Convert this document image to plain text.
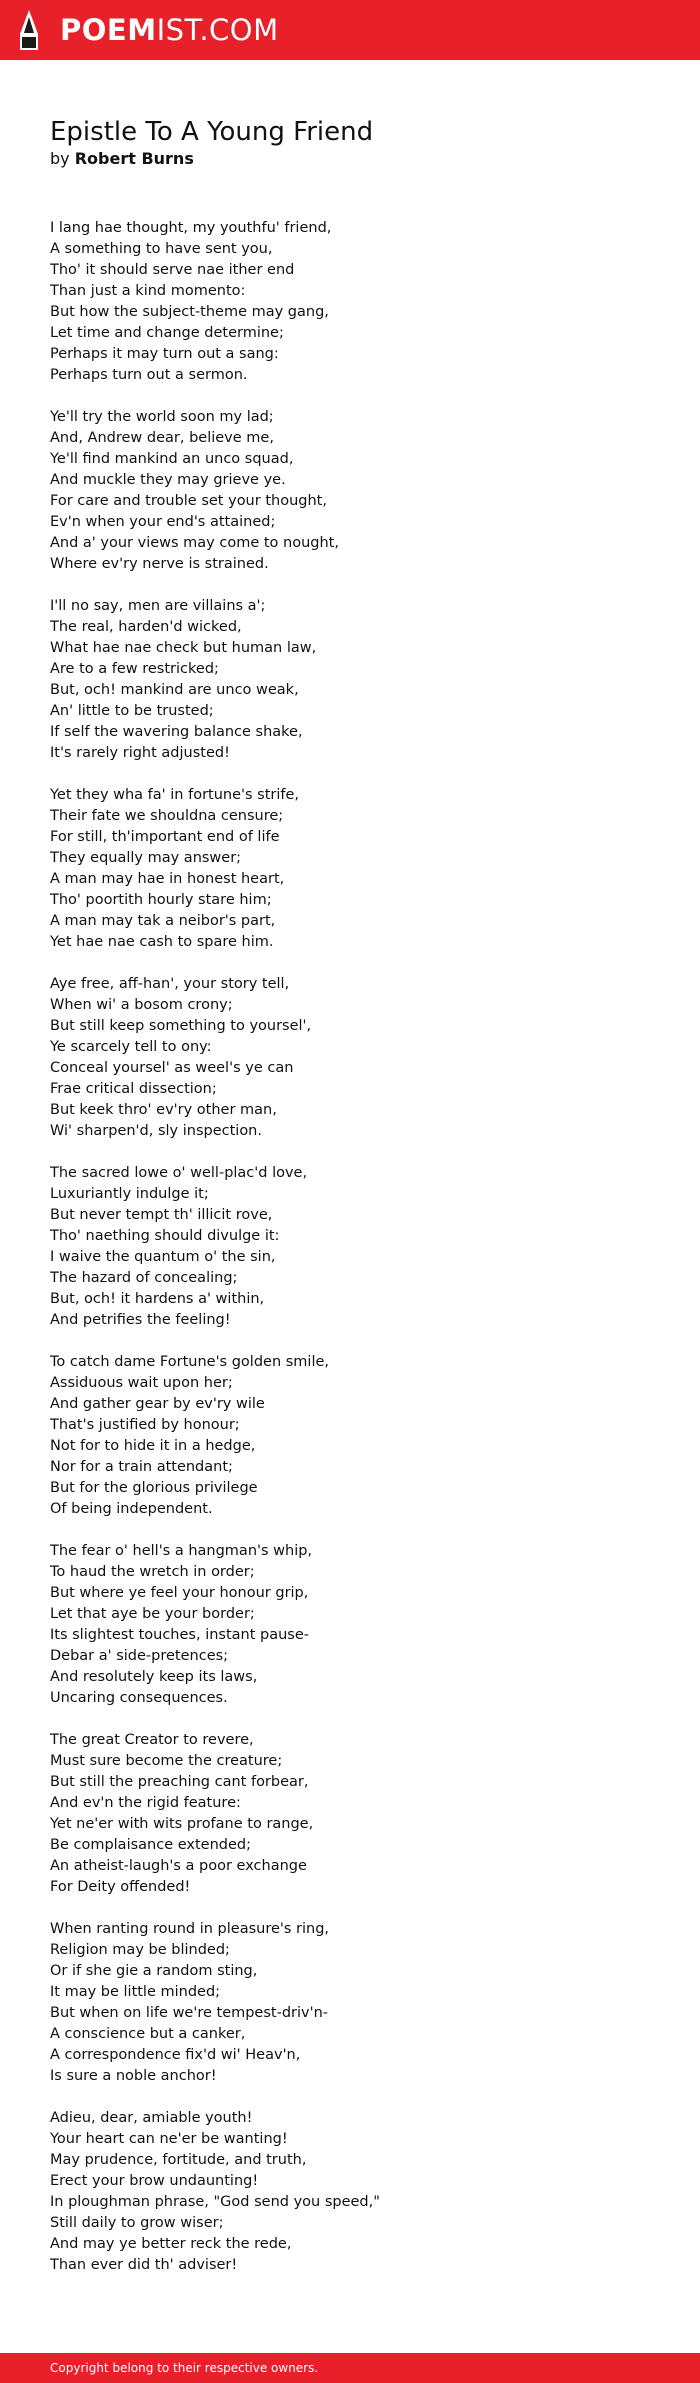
POEMIST.COM
Epistle To A Young Friend
by Robert Burns
I lang hae thought, my youthfu' friend,
A something to have sent you,
Tho' it should serve nae ither end
Than just a kind momento:
But how the subject-theme may gang,
Let time and change determine;
Perhaps it may turn out a sang:
Perhaps turn out a sermon.
Ye'll try the world soon my lad;
And, Andrew dear, believe me,
Ye'll find mankind an unco squad,
And muckle they may grieve ye.
For care and trouble set your thought,
Ev'n when your end's attained;
And a' your views may come to nought,
Where ev'ry nerve is strained.
I'll no say, men are villains a';
The real, harden'd wicked,
What hae nae check but human law,
Are to a few restricked;
But, och! mankind are unco weak,
An' little to be trusted;
If self the wavering balance shake,
It's rarely right adjusted!
Yet they wha fa' in fortune's strife,
Their fate we shouldna censure;
For still, th'important end of life
They equally may answer;
A man may hae in honest heart,
Tho' poortith hourly stare him;
A man may tak a neibor's part,
Yet hae nae cash to spare him.
Aye free, aff-han', your story tell,
When wi' a bosom crony;
But still keep something to yoursel',
Ye scarcely tell to ony:
Conceal yoursel' as weel's ye can
Frae critical dissection;
But keek thro' ev'ry other man,
Wi' sharpen'd, sly inspection.
The sacred lowe o' well-plac'd love,
Luxuriantly indulge it;
But never tempt th' illicit rove,
Tho' naething should divulge it:
I waive the quantum o' the sin,
The hazard of concealing;
But, och! it hardens a' within,
And petrifies the feeling!
To catch dame Fortune's golden smile,
Assiduous wait upon her;
And gather gear by ev'ry wile
That's justified by honour;
Not for to hide it in a hedge,
Nor for a train attendant;
But for the glorious privilege
Of being independent.
The fear o' hell's a hangman's whip,
To haud the wretch in order;
But where ye feel your honour grip,
Let that aye be your border;
Its slightest touches, instant pause-
Debar a' side-pretences;
And resolutely keep its laws,
Uncaring consequences.
The great Creator to revere,
Must sure become the creature;
But still the preaching cant forbear,
And ev'n the rigid feature:
Yet ne'er with wits profane to range,
Be complaisance extended;
An atheist-laugh's a poor exchange
For Deity offended!
When ranting round in pleasure's ring,
Religion may be blinded;
Or if she gie a random sting,
It may be little minded;
But when on life we're tempest-driv'n-
A conscience but a canker,
A correspondence fix'd wi' Heav'n,
Is sure a noble anchor!
Adieu, dear, amiable youth!
Your heart can ne'er be wanting!
May prudence, fortitude, and truth,
Erect your brow undaunting!
In ploughman phrase, "God send you speed,"
Still daily to grow wiser;
And may ye better reck the rede,
Than ever did th' adviser!
Copyright belong to their respective owners.
